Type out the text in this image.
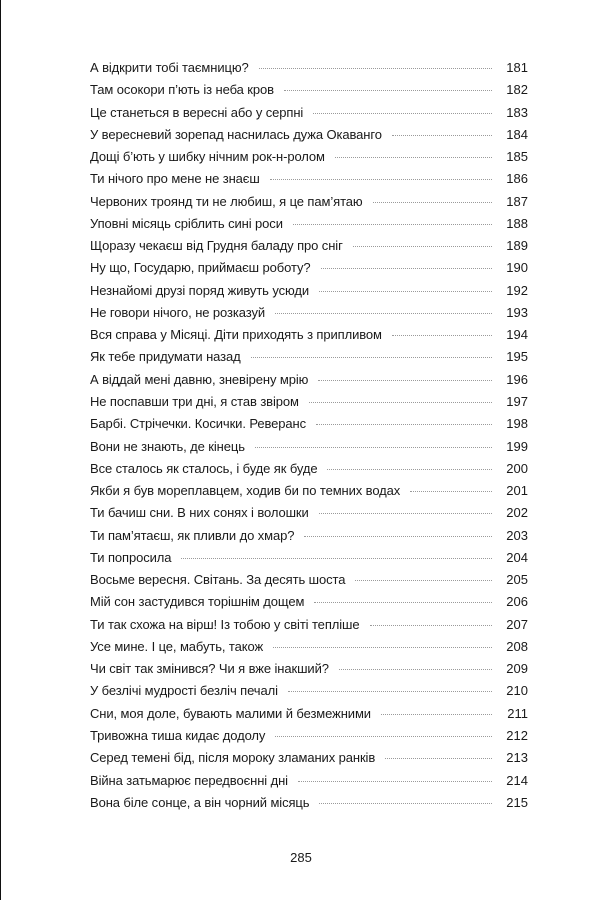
А відкрити тобі таємницю?	181
Там осокори п’ють із неба кров	182
Це станеться в вересні або у серпні	183
У вересневий зорепад наснилась дужа Окаванго	184
Дощі б’ють у шибку нічним рок-н-ролом	185
Ти нічого про мене не знаєш	186
Червоних троянд ти не любиш, я це пам’ятаю	187
Уповні місяць сріблить сині роси	188
Щоразу чекаєш від Грудня баладу про сніг	189
Ну що, Государю, приймаєш роботу?	190
Незнайомі друзі поряд живуть усюди	192
Не говори нічого, не розказуй	193
Вся справа у Місяці. Діти приходять з припливом	194
Як тебе придумати назад	195
А віддай мені давню, зневірену мрію	196
Не поспавши три дні, я став звіром	197
Барбі. Стрічечки. Косички. Реверанс	198
Вони не знають, де кінець	199
Все сталось як сталось, і буде як буде	200
Якби я був мореплавцем, ходив би по темних водах	201
Ти бачиш сни. В них сонях і волошки	202
Ти пам’ятаєш, як пливли до хмар?	203
Ти попросила	204
Восьме вересня. Світань. За десять шоста	205
Мій сон застудився торішнім дощем	206
Ти так схожа на вірш! Із тобою у світі тепліше	207
Усе мине. І це, мабуть, також	208
Чи світ так змінився? Чи я вже інакший?	209
У безлічі мудрості безліч печалі	210
Сни, моя доле, бувають малими й безмежними	211
Тривожна тиша кидає додолу	212
Серед темені бід, після мороку зламаних ранків	213
Війна затьмарює передвоєнні дні	214
Вона біле сонце, а він чорний місяць	215
285
